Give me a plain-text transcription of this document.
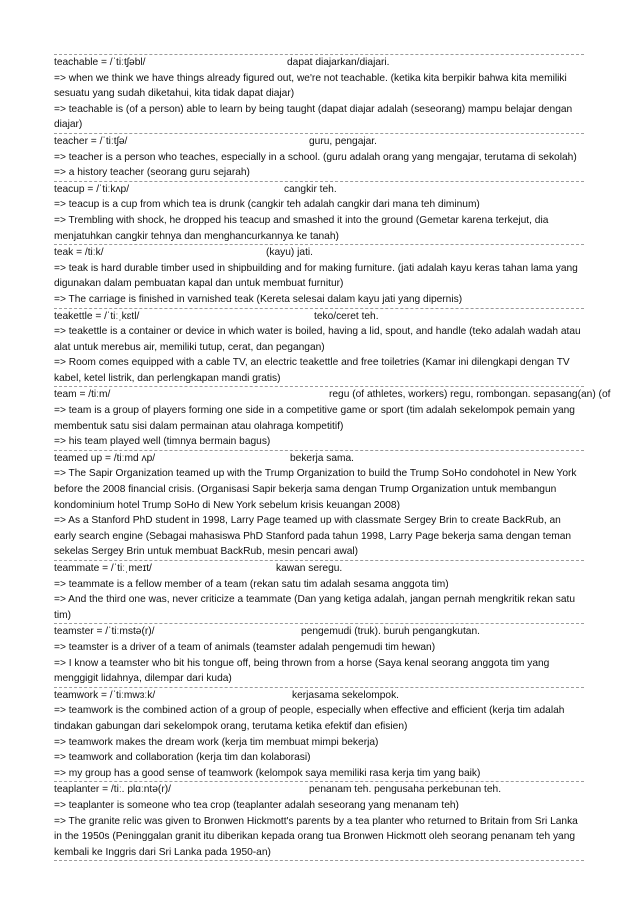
teachable = /ˈtiːtʃəbl/	dapat diajarkan/diajari.
=> when we think we have things already figured out, we're not teachable. (ketika kita berpikir bahwa kita memiliki sesuatu yang sudah diketahui, kita tidak dapat diajar)
=> teachable is (of a person) able to learn by being taught (dapat diajar adalah (seseorang) mampu belajar dengan diajar)
teacher = /ˈtiːtʃə/	guru, pengajar.
=> teacher is a person who teaches, especially in a school. (guru adalah orang yang mengajar, terutama di sekolah)
=> a history teacher (seorang guru sejarah)
teacup = /ˈtiːkʌp/	cangkir teh.
=> teacup is a cup from which tea is drunk (cangkir teh adalah cangkir dari mana teh diminum)
=> Trembling with shock, he dropped his teacup and smashed it into the ground (Gemetar karena terkejut, dia menjatuhkan cangkir tehnya dan menghancurkannya ke tanah)
teak = /tiːk/	(kayu) jati.
=> teak is hard durable timber used in shipbuilding and for making furniture. (jati adalah kayu keras tahan lama yang digunakan dalam pembuatan kapal dan untuk membuat furnitur)
=> The carriage is finished in varnished teak (Kereta selesai dalam kayu jati yang dipernis)
teakettle = /ˈtiːˌkɛtl/	teko/ceret teh.
=> teakettle is a container or device in which water is boiled, having a lid, spout, and handle (teko adalah wadah atau alat untuk merebus air, memiliki tutup, cerat, dan pegangan)
=> Room comes equipped with a cable TV, an electric teakettle and free toiletries (Kamar ini dilengkapi dengan TV kabel, ketel listrik, dan perlengkapan mandi gratis)
team = /tiːm/	regu (of athletes, workers) regu, rombongan. sepasang(an) (of
=> team is a group of players forming one side in a competitive game or sport (tim adalah sekelompok pemain yang membentuk satu sisi dalam permainan atau olahraga kompetitif)
=> his team played well (timnya bermain bagus)
teamed up = /tiːmd ʌp/	bekerja sama.
=> The Sapir Organization teamed up with the Trump Organization to build the Trump SoHo condohotel in New York before the 2008 financial crisis. (Organisasi Sapir bekerja sama dengan Trump Organization untuk membangun kondominium hotel Trump SoHo di New York sebelum krisis keuangan 2008)
=> As a Stanford PhD student in 1998, Larry Page teamed up with classmate Sergey Brin to create BackRub, an early search engine (Sebagai mahasiswa PhD Stanford pada tahun 1998, Larry Page bekerja sama dengan teman sekelas Sergey Brin untuk membuat BackRub, mesin pencari awal)
teammate = /ˈtiːˌmeɪt/	kawan seregu.
=> teammate is a fellow member of a team (rekan satu tim adalah sesama anggota tim)
=> And the third one was, never criticize a teammate (Dan yang ketiga adalah, jangan pernah mengkritik rekan satu tim)
teamster = /ˈtiːmstə(r)/	pengemudi (truk). buruh pengangkutan.
=> teamster is a driver of a team of animals (teamster adalah pengemudi tim hewan)
=> I know a teamster who bit his tongue off, being thrown from a horse (Saya kenal seorang anggota tim yang menggigit lidahnya, dilempar dari kuda)
teamwork = /ˈtiːmwɜːk/	kerjasama sekelompok.
=> teamwork is the combined action of a group of people, especially when effective and efficient (kerja tim adalah tindakan gabungan dari sekelompok orang, terutama ketika efektif dan efisien)
=> teamwork makes the dream work (kerja tim membuat mimpi bekerja)
=> teamwork and collaboration (kerja tim dan kolaborasi)
=> my group has a good sense of teamwork (kelompok saya memiliki rasa kerja tim yang baik)
teaplanter = /tiː. plɑːntə(r)/	penanam teh. pengusaha perkebunan teh.
=> teaplanter is someone who tea crop (teaplanter adalah seseorang yang menanam teh)
=> The granite relic was given to Bronwen Hickmott's parents by a tea planter who returned to Britain from Sri Lanka in the 1950s (Peninggalan granit itu diberikan kepada orang tua Bronwen Hickmott oleh seorang penanam teh yang kembali ke Inggris dari Sri Lanka pada 1950-an)
